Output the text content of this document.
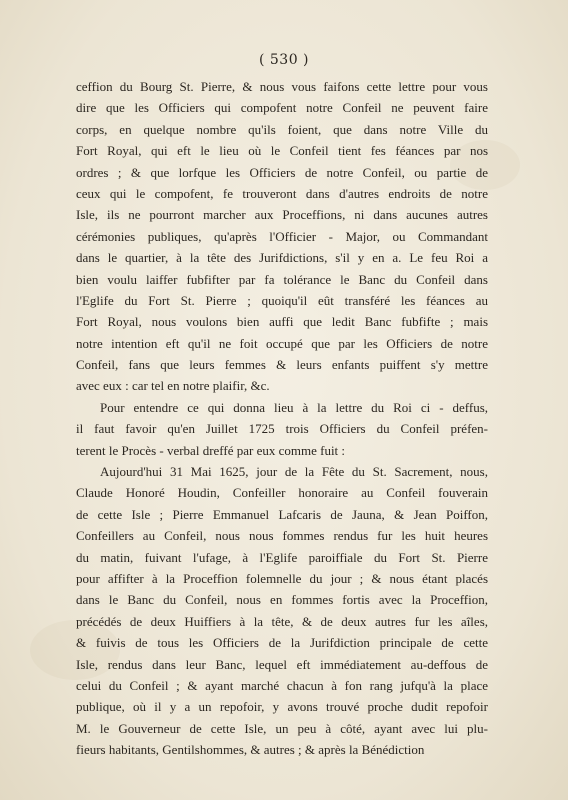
( 530 )
ceffion du Bourg St. Pierre, & nous vous faifons cette lettre pour vous
dire que les Officiers qui compofent notre Confeil ne peuvent faire
corps, en quelque nombre qu'ils foient, que dans notre Ville du
Fort Royal, qui eft le lieu où le Confeil tient fes féances par nos
ordres ; & que lorfque les Officiers de notre Confeil, ou partie de
ceux qui le compofent, fe trouveront dans d'autres endroits de notre
Isle, ils ne pourront marcher aux Proceffions, ni dans aucunes autres
cérémonies publiques, qu'après l'Officier - Major, ou Commandant
dans le quartier, à la tête des Jurifdictions, s'il y en a. Le feu Roi a
bien voulu laiffer fubfifter par fa tolérance le Banc du Confeil dans
l'Eglife du Fort St. Pierre ; quoiqu'il eût transféré les féances au
Fort Royal, nous voulons bien auffi que ledit Banc fubfifte ; mais
notre intention eft qu'il ne foit occupé que par les Officiers de notre
Confeil, fans que leurs femmes & leurs enfants puiffent s'y mettre
avec eux : car tel en notre plaifir, &c.
Pour entendre ce qui donna lieu à la lettre du Roi ci - deffus,
il faut favoir qu'en Juillet 1725 trois Officiers du Confeil préfen-
terent le Procès - verbal dreffé par eux comme fuit :
Aujourd'hui 31 Mai 1625, jour de la Fête du St. Sacrement, nous,
Claude Honoré Houdin, Confeiller honoraire au Confeil fouverain
de cette Isle ; Pierre Emmanuel Lafcaris de Jauna, & Jean Poiffon,
Confeillers au Confeil, nous nous fommes rendus fur les huit heures
du matin, fuivant l'ufage, à l'Eglife paroiffiale du Fort St. Pierre
pour affifter à la Proceffion folemnelle du jour ; & nous étant placés
dans le Banc du Confeil, nous en fommes fortis avec la Proceffion,
précédés de deux Huiffiers à la tête, & de deux autres fur les aîles,
& fuivis de tous les Officiers de la Jurifdiction principale de cette
Isle, rendus dans leur Banc, lequel eft immédiatement au-deffous de
celui du Confeil ; & ayant marché chacun à fon rang jufqu'à la place
publique, où il y a un repofoir, y avons trouvé proche dudit repofoir
M. le Gouverneur de cette Isle, un peu à côté, ayant avec lui plu-
fieurs habitants, Gentilshommes, & autres ; & après la Bénédiction
